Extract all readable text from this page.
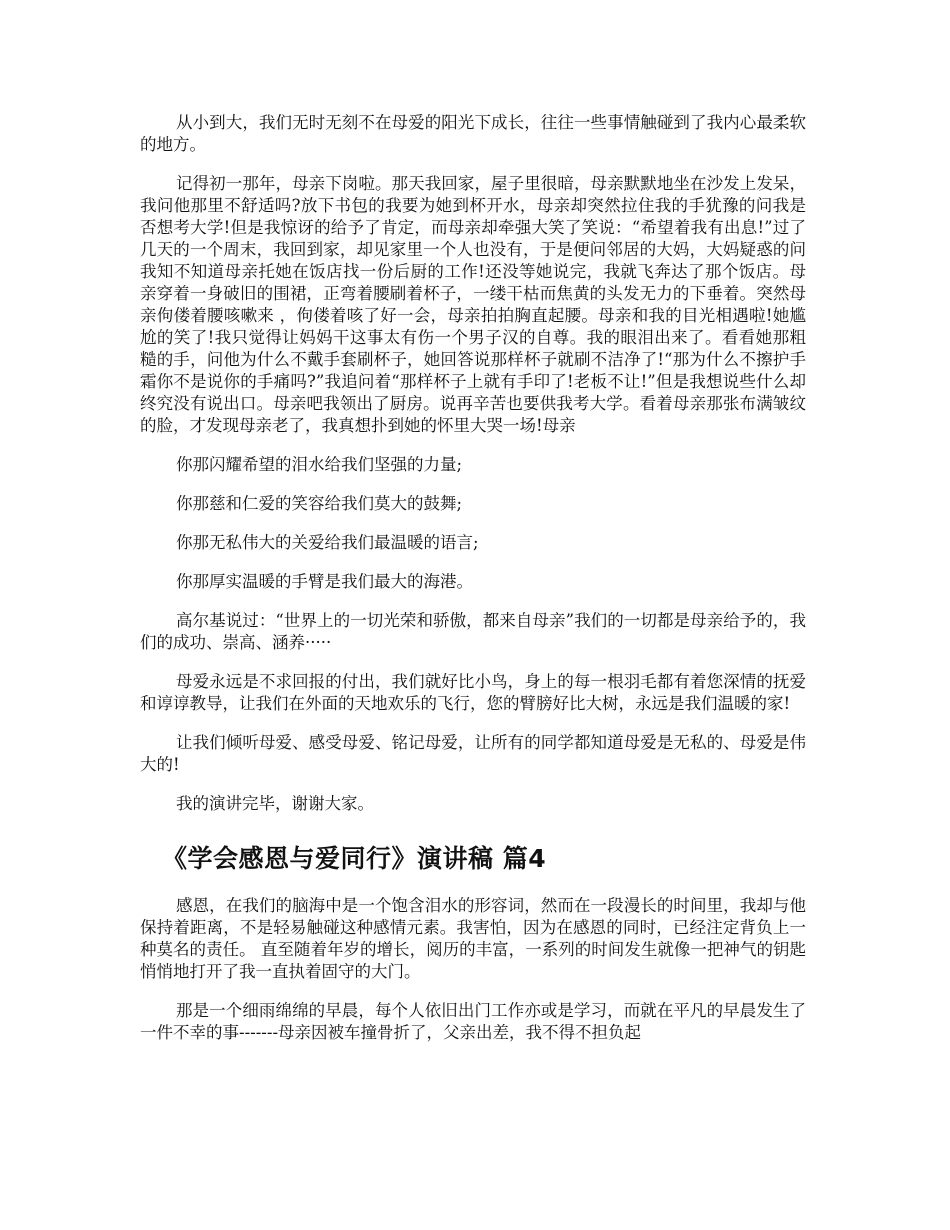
从小到大，我们无时无刻不在母爱的阳光下成长，往往一些事情触碰到了我内心最柔软的地方。

记得初一那年，母亲下岗啦。那天我回家，屋子里很暗，母亲默默地坐在沙发上发呆，我问他那里不舒适吗?放下书包的我要为她到杯开水，母亲却突然拉住我的手犹豫的问我是否想考大学!但是我惊讶的给予了肯定，而母亲却牵强大笑了笑说：“希望着我有出息!”过了几天的一个周末，我回到家，却见家里一个人也没有，于是便问邻居的大妈，大妈疑惑的问我知不知道母亲托她在饭店找一份后厨的工作!还没等她说完，我就飞奔达了那个饭店。母亲穿着一身破旧的围裙，正弯着腰刷着杯子，一缕干枯而焦黄的头发无力的下垂着。突然母亲佝偻着腰咳嗽来 ，佝偻着咳了好一会，母亲拍拍胸直起腰。母亲和我的目光相遇啦!她尴尬的笑了!我只觉得让妈妈干这事太有伤一个男子汉的自尊。我的眼泪出来了。看看她那粗糙的手，问他为什么不戴手套刷杯子，她回答说那样杯子就刷不洁净了!“那为什么不擦护手霜你不是说你的手痛吗?”我追问着“那样杯子上就有手印了!老板不让!”但是我想说些什么却终究没有说出口。母亲吧我领出了厨房。说再辛苦也要供我考大学。看着母亲那张布满皱纹的脸，才发现母亲老了，我真想扑到她的怀里大哭一场!母亲

你那闪耀希望的泪水给我们坚强的力量;

你那慈和仁爱的笑容给我们莫大的鼓舞;

你那无私伟大的关爱给我们最温暖的语言;

你那厚实温暖的手臂是我们最大的海港。

高尔基说过：“世界上的一切光荣和骄傲，都来自母亲”我们的一切都是母亲给予的，我们的成功、崇高、涵养·····

母爱永远是不求回报的付出，我们就好比小鸟，身上的每一根羽毛都有着您深情的抚爱和谆谆教导，让我们在外面的天地欢乐的飞行，您的臂膀好比大树，永远是我们温暖的家!

让我们倾听母爱、感受母爱、铭记母爱，让所有的同学都知道母爱是无私的、母爱是伟大的!

我的演讲完毕，谢谢大家。

《学会感恩与爱同行》演讲稿 篇4

感恩，在我们的脑海中是一个饱含泪水的形容词，然而在一段漫长的时间里，我却与他保持着距离，不是轻易触碰这种感情元素。我害怕，因为在感恩的同时，已经注定背负上一种莫名的责任。 直至随着年岁的增长，阅历的丰富，一系列的时间发生就像一把神气的钥匙悄悄地打开了我一直执着固守的大门。

那是一个细雨绵绵的早晨，每个人依旧出门工作亦或是学习，而就在平凡的早晨发生了一件不幸的事-------母亲因被车撞骨折了，父亲出差，我不得不担负起
